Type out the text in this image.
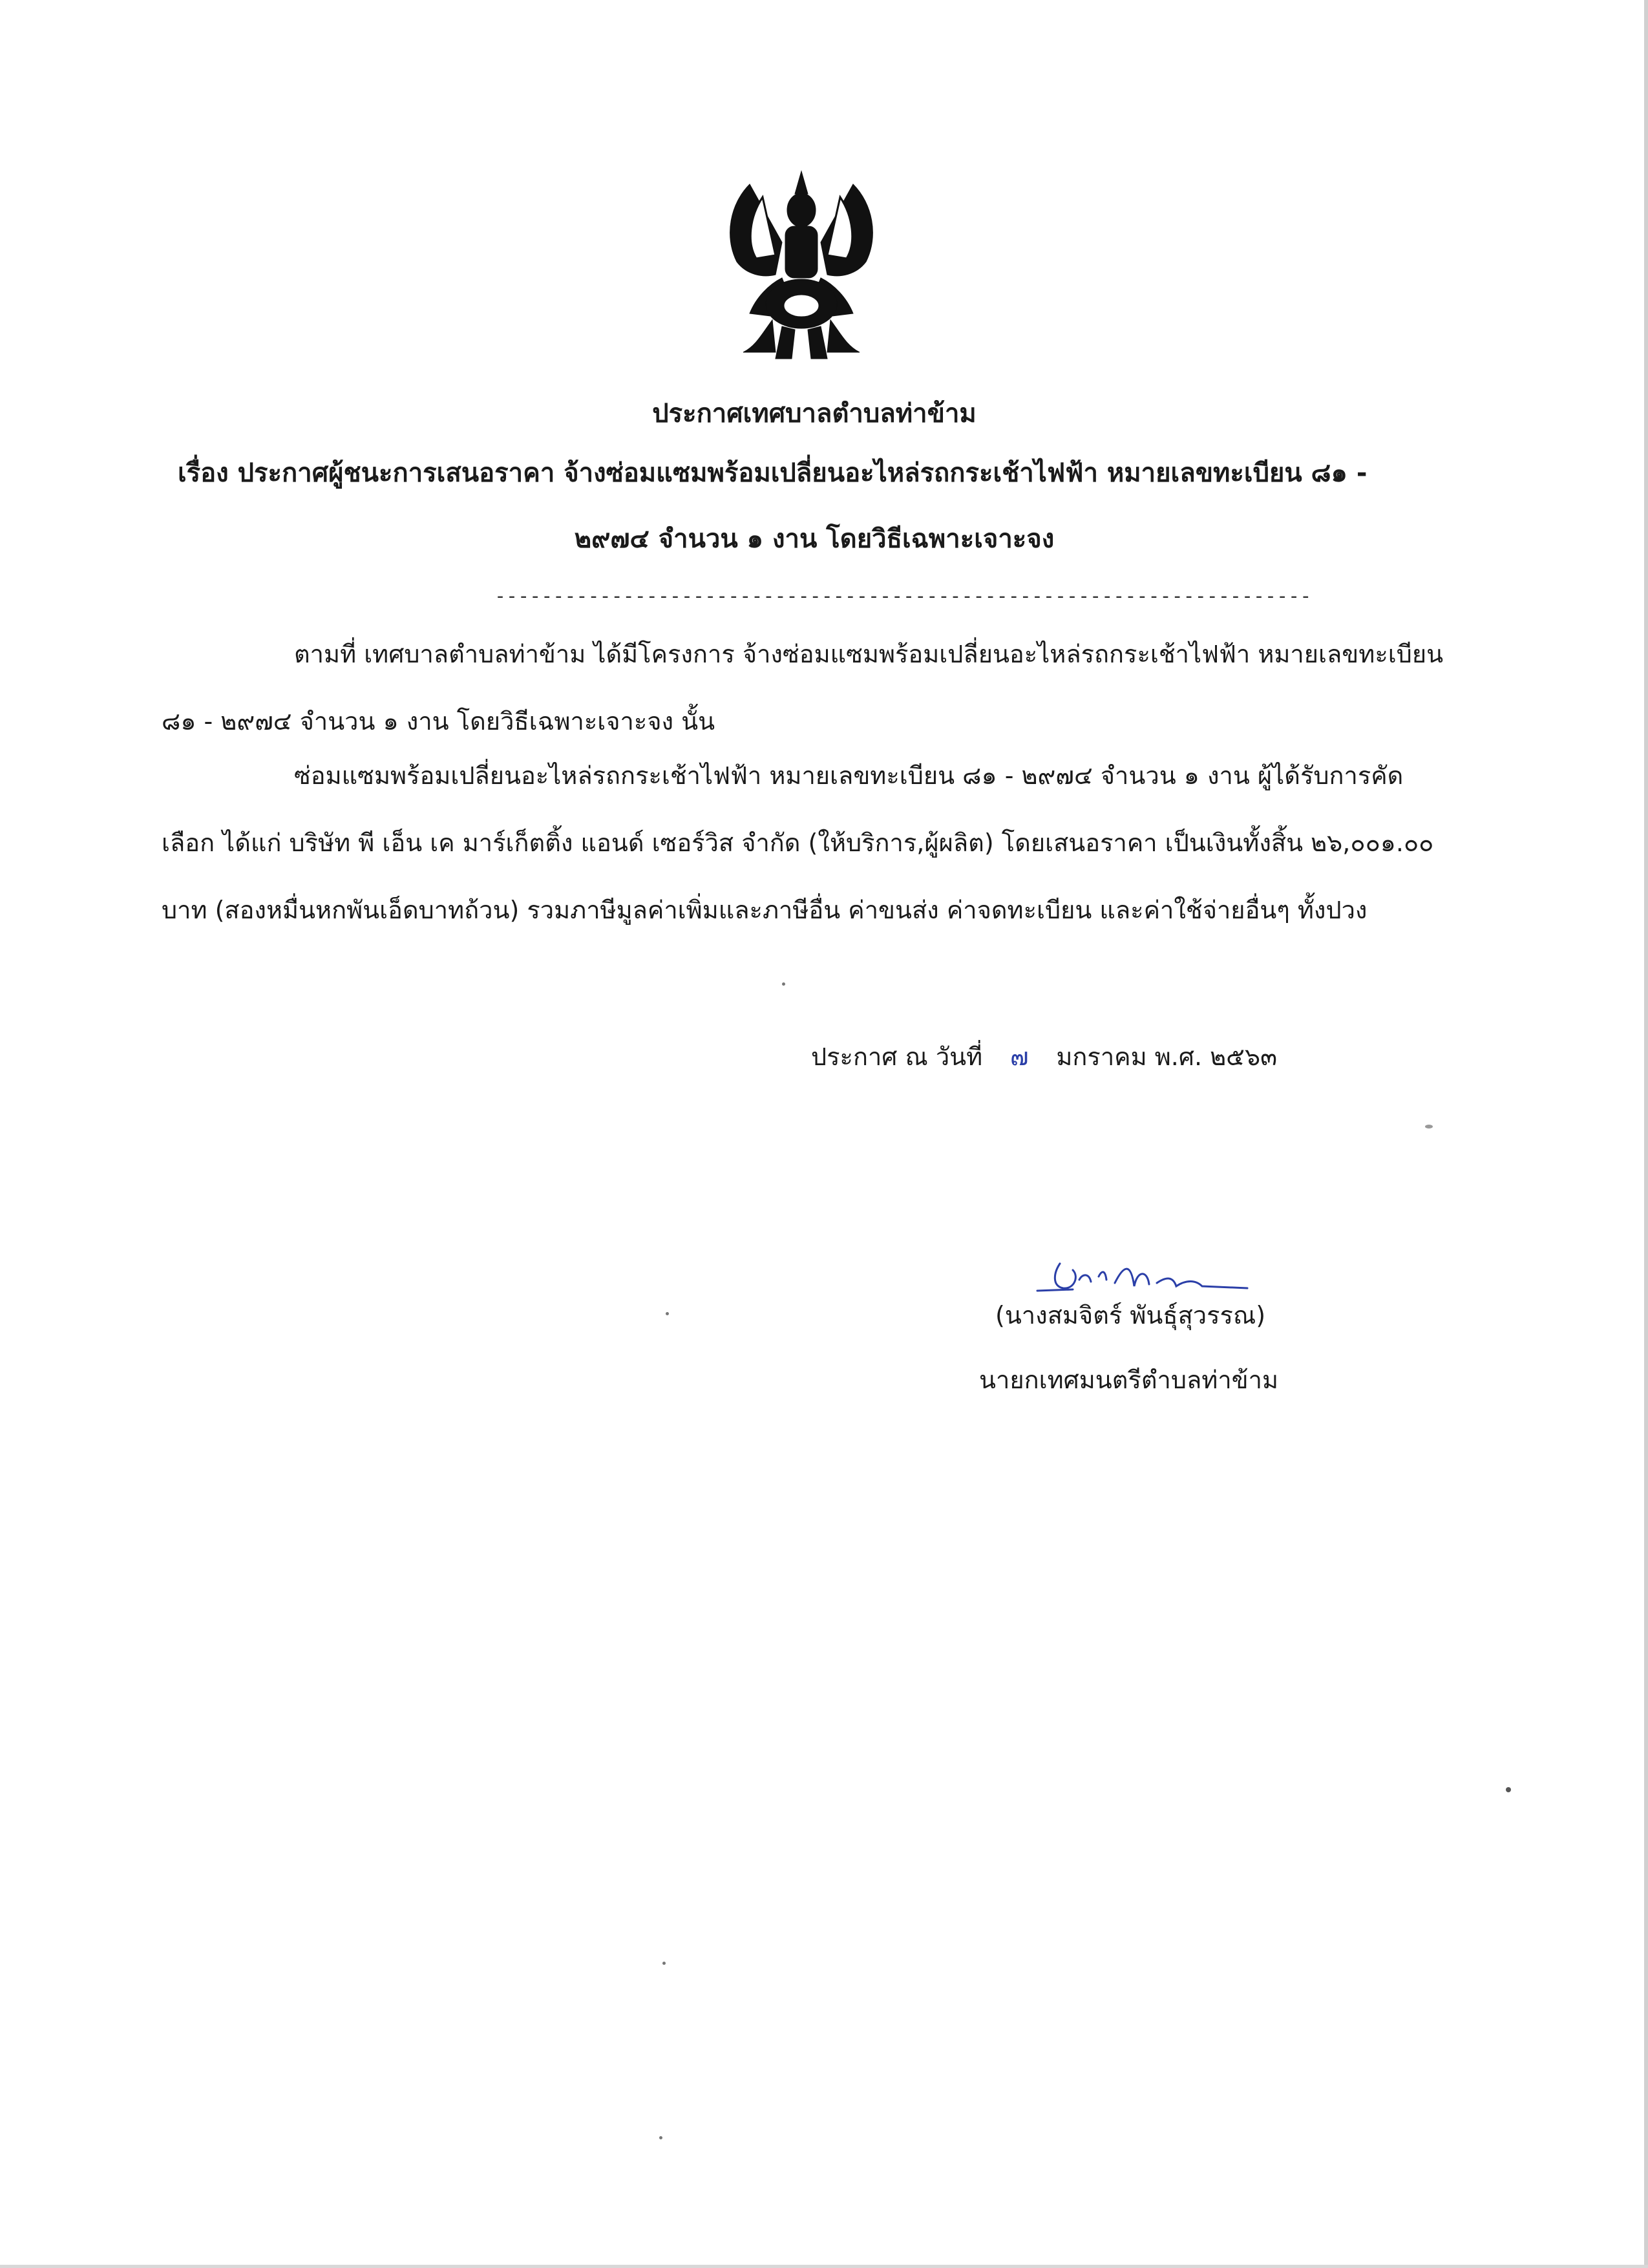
ประกาศเทศบาลตำบลท่าข้าม

เรื่อง ประกาศผู้ชนะการเสนอราคา จ้างซ่อมแซมพร้อมเปลี่ยนอะไหล่รถกระเช้าไฟฟ้า หมายเลขทะเบียน ๘๑ -

๒๙๗๔ จำนวน ๑ งาน โดยวิธีเฉพาะเจาะจง

----------------------------------------------------------------------

ตามที่ เทศบาลตำบลท่าข้าม ได้มีโครงการ จ้างซ่อมแซมพร้อมเปลี่ยนอะไหล่รถกระเช้าไฟฟ้า หมายเลขทะเบียน ๘๑ - ๒๙๗๔ จำนวน ๑ งาน โดยวิธีเฉพาะเจาะจง นั้น

ซ่อมแซมพร้อมเปลี่ยนอะไหล่รถกระเช้าไฟฟ้า หมายเลขทะเบียน ๘๑ - ๒๙๗๔ จำนวน ๑ งาน ผู้ได้รับการคัดเลือก ได้แก่ บริษัท พี เอ็น เค มาร์เก็ตติ้ง แอนด์ เซอร์วิส จำกัด (ให้บริการ,ผู้ผลิต) โดยเสนอราคา เป็นเงินทั้งสิ้น ๒๖,๐๐๑.๐๐ บาท (สองหมื่นหกพันเอ็ดบาทถ้วน) รวมภาษีมูลค่าเพิ่มและภาษีอื่น ค่าขนส่ง ค่าจดทะเบียน และค่าใช้จ่ายอื่นๆ ทั้งปวง

ประกาศ ณ วันที่ ๗ มกราคม พ.ศ. ๒๕๖๓
(นางสมจิตร์ พันธุ์สุวรรณ)
นายกเทศมนตรีตำบลท่าข้าม
